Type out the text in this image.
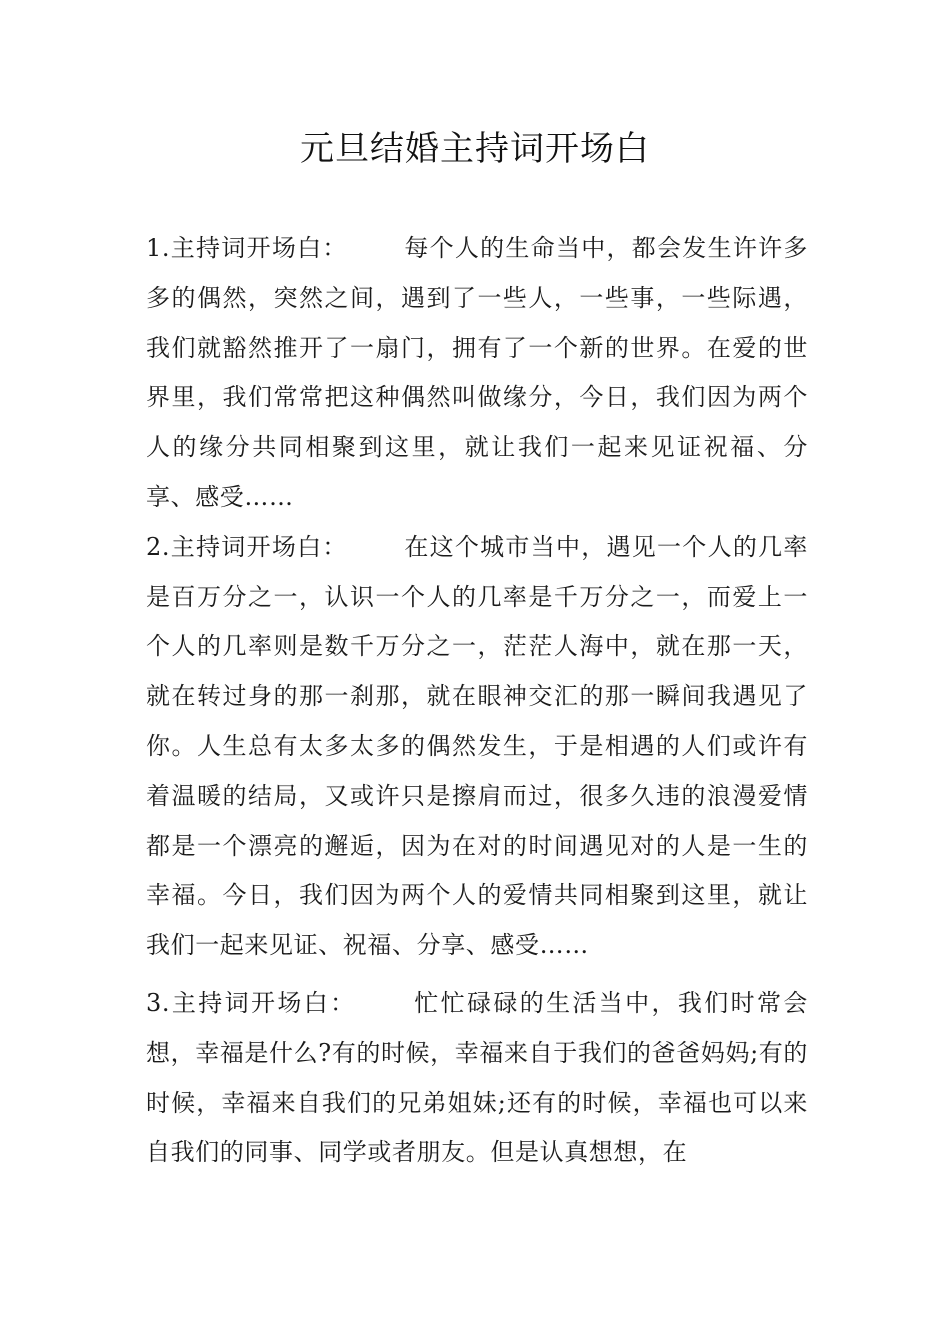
元旦结婚主持词开场白

1.主持词开场白： 每个人的生命当中，都会发生许许多多的偶然，突然之间，遇到了一些人，一些事，一些际遇，我们就豁然推开了一扇门，拥有了一个新的世界。在爱的世界里，我们常常把这种偶然叫做缘分，今日，我们因为两个人的缘分共同相聚到这里，就让我们一起来见证祝福、分享、感受……

2.主持词开场白： 在这个城市当中，遇见一个人的几率是百万分之一，认识一个人的几率是千万分之一，而爱上一个人的几率则是数千万分之一，茫茫人海中，就在那一天，就在转过身的那一刹那，就在眼神交汇的那一瞬间我遇见了你。人生总有太多太多的偶然发生，于是相遇的人们或许有着温暖的结局，又或许只是擦肩而过，很多久违的浪漫爱情都是一个漂亮的邂逅，因为在对的时间遇见对的人是一生的幸福。今日，我们因为两个人的爱情共同相聚到这里，就让我们一起来见证、祝福、分享、感受……

3.主持词开场白： 忙忙碌碌的生活当中，我们时常会想，幸福是什么?有的时候，幸福来自于我们的爸爸妈妈;有的时候，幸福来自我们的兄弟姐妹;还有的时候，幸福也可以来自我们的同事、同学或者朋友。但是认真想想，在
